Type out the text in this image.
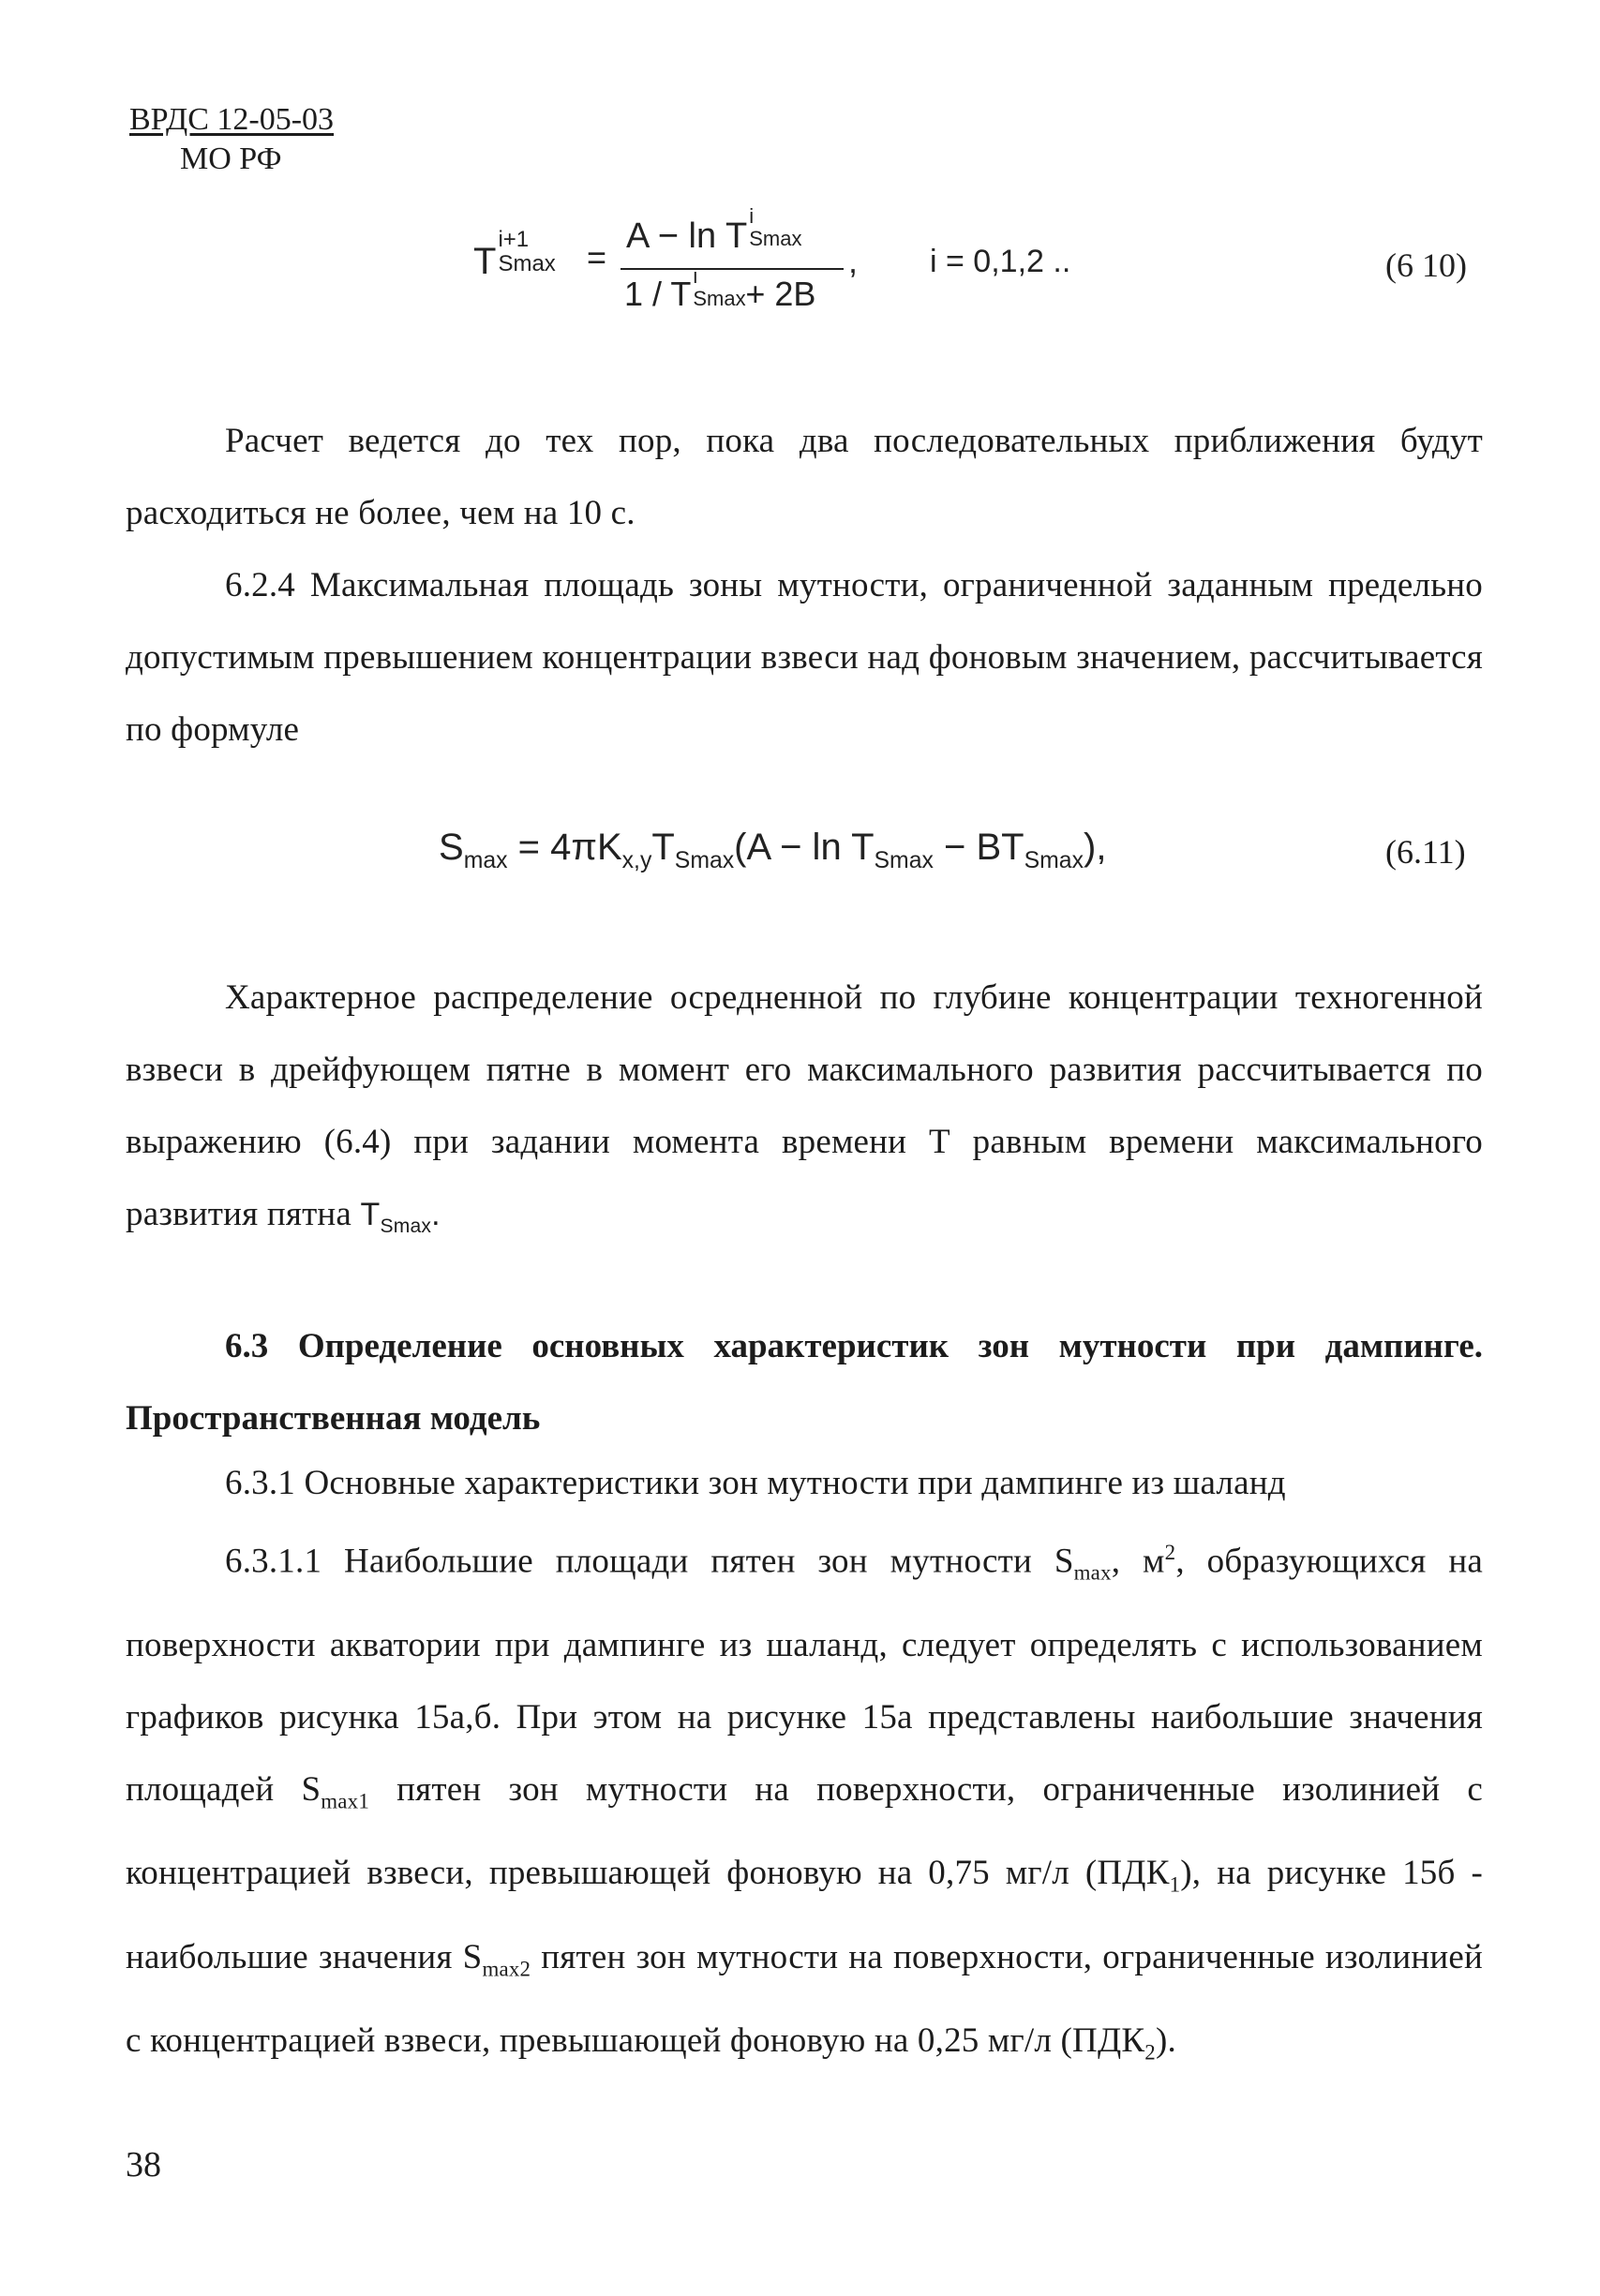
ВРДС 12-05-03
МО РФ
T
i+1
Smax =
A − ln T
i
Smax
1 / T i
Smax + 2B
, i = 0,1,2 ..	(6 10)
Расчет ведется до тех пор, пока два последовательных приближения будут расходиться не более, чем на 10 с.
6.2.4 Максимальная площадь зоны мутности, ограниченной заданным предельно допустимым превышением концентрации взвеси над фоновым значением, рассчитывается по формуле
$S_{max} = 4\pi K_{x,y}T_{Smax}(A - \ln T_{Smax} - BT_{Smax})$,	(6.11)
Характерное распределение осредненной по глубине концентрации техногенной взвеси в дрейфующем пятне в момент его максимального развития рассчитывается по выражению (6.4) при задании момента времени Т равным времени максимального развития пятна $T_{Smax}$.
6.3 Определение основных характеристик зон мутности при дампинге. Пространственная модель
6.3.1 Основные характеристики зон мутности при дампинге из шаланд
6.3.1.1 Наибольшие площади пятен зон мутности $S_{max}$, $м^2$, образующихся на поверхности акватории при дампинге из шаланд, следует определять с использованием графиков рисунка 15а,б. При этом на рисунке 15а представлены наибольшие значения площадей $S_{max1}$ пятен зон мутности на поверхности, ограниченные изолинией с концентрацией взвеси, превышающей фоновую на 0,75 мг/л $(ПДК_1)$, на рисунке 15б - наибольшие значения $S_{max2}$ пятен зон мутности на поверхности, ограниченные изолинией с концентрацией взвеси, превышающей фоновую на 0,25 мг/л $(ПДК_2)$.
38
